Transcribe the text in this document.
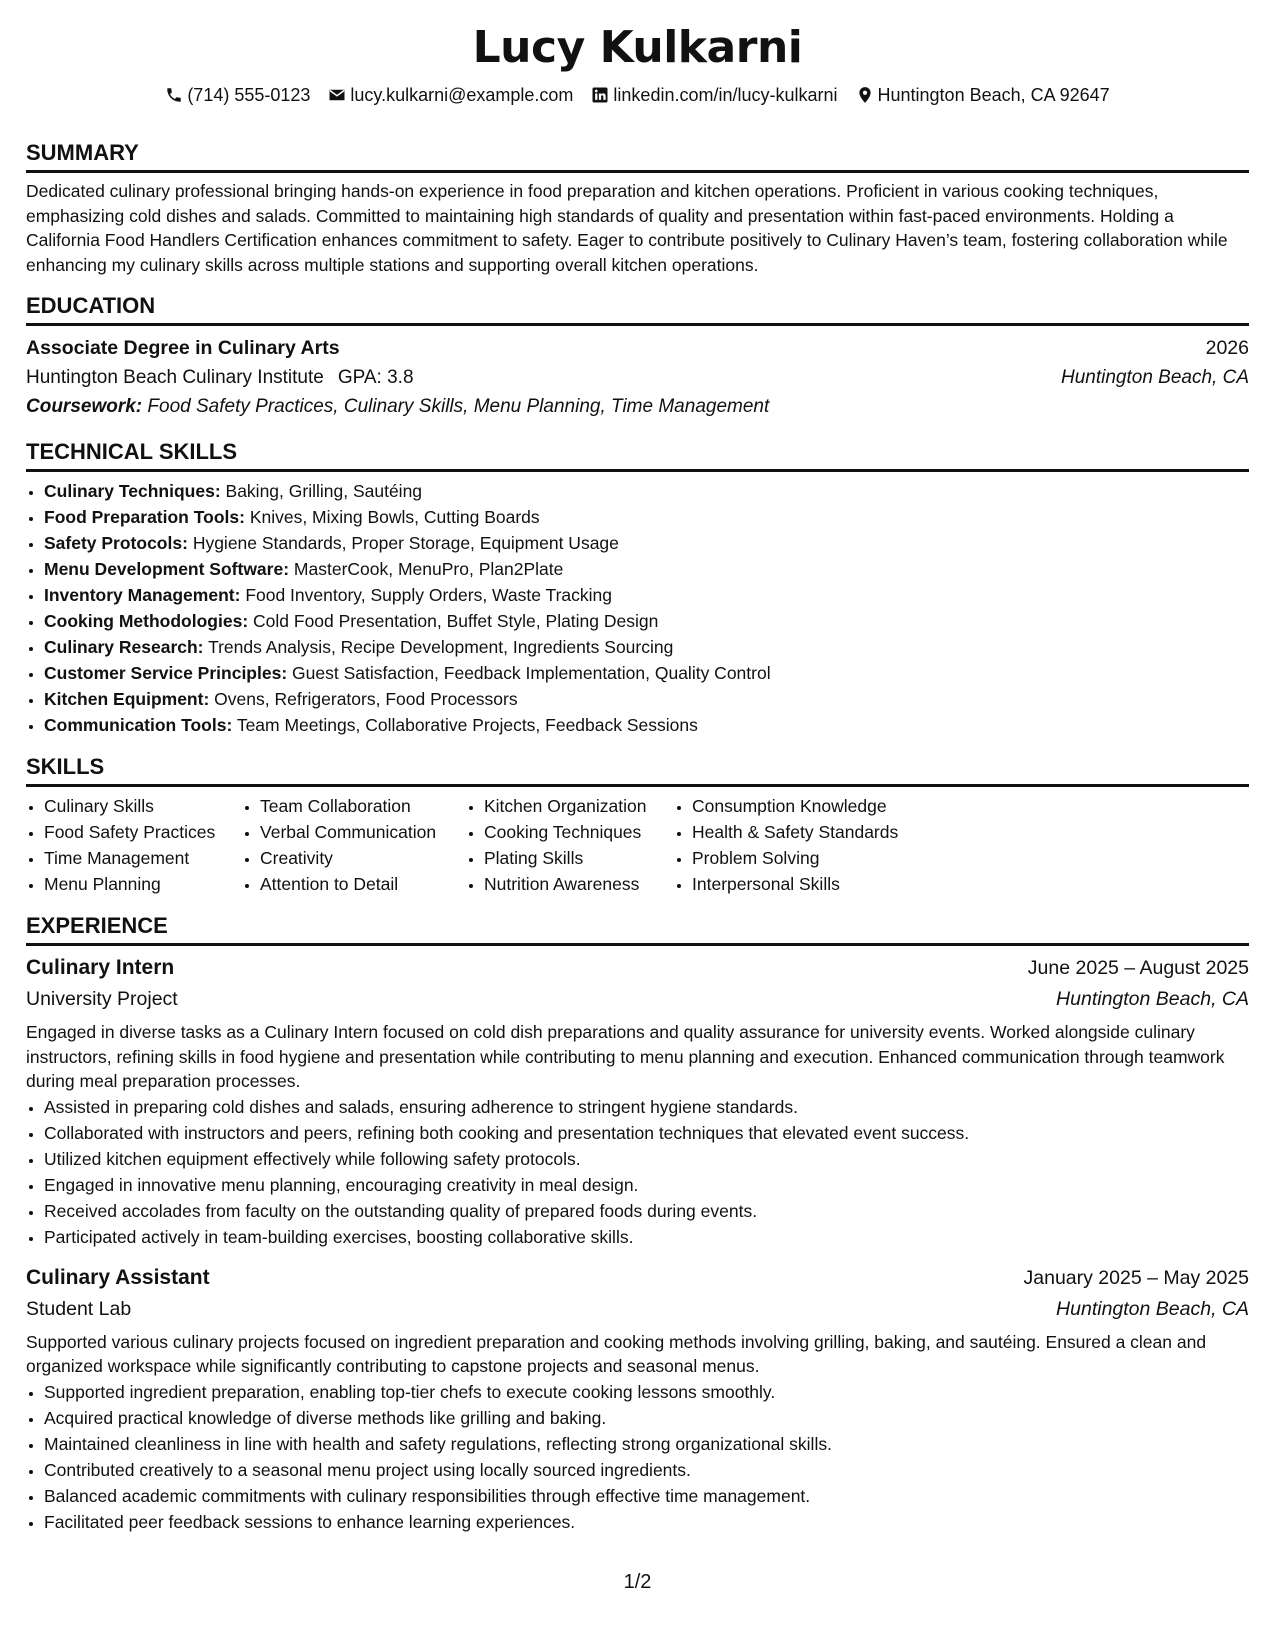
Lucy Kulkarni
(714) 555-0123 lucy.kulkarni@example.com linkedin.com/in/lucy-kulkarni Huntington Beach, CA 92647
SUMMARY
Dedicated culinary professional bringing hands-on experience in food preparation and kitchen operations. Proficient in various cooking techniques, emphasizing cold dishes and salads. Committed to maintaining high standards of quality and presentation within fast-paced environments. Holding a California Food Handlers Certification enhances commitment to safety. Eager to contribute positively to Culinary Haven’s team, fostering collaboration while enhancing my culinary skills across multiple stations and supporting overall kitchen operations.
EDUCATION
Associate Degree in Culinary Arts	2026
Huntington Beach Culinary Institute GPA: 3.8	Huntington Beach, CA
Coursework: Food Safety Practices, Culinary Skills, Menu Planning, Time Management
TECHNICAL SKILLS
• Culinary Techniques: Baking, Grilling, Sautéing
• Food Preparation Tools: Knives, Mixing Bowls, Cutting Boards
• Safety Protocols: Hygiene Standards, Proper Storage, Equipment Usage
• Menu Development Software: MasterCook, MenuPro, Plan2Plate
• Inventory Management: Food Inventory, Supply Orders, Waste Tracking
• Cooking Methodologies: Cold Food Presentation, Buffet Style, Plating Design
• Culinary Research: Trends Analysis, Recipe Development, Ingredients Sourcing
• Customer Service Principles: Guest Satisfaction, Feedback Implementation, Quality Control
• Kitchen Equipment: Ovens, Refrigerators, Food Processors
• Communication Tools: Team Meetings, Collaborative Projects, Feedback Sessions
SKILLS
• Culinary Skills
• Food Safety Practices
• Time Management
• Menu Planning
• Team Collaboration
• Verbal Communication
• Creativity
• Attention to Detail
• Kitchen Organization
• Cooking Techniques
• Plating Skills
• Nutrition Awareness
• Consumption Knowledge
• Health & Safety Standards
• Problem Solving
• Interpersonal Skills
EXPERIENCE
Culinary Intern	June 2025 – August 2025
University Project	Huntington Beach, CA
Engaged in diverse tasks as a Culinary Intern focused on cold dish preparations and quality assurance for university events. Worked alongside culinary instructors, refining skills in food hygiene and presentation while contributing to menu planning and execution. Enhanced communication through teamwork during meal preparation processes.
• Assisted in preparing cold dishes and salads, ensuring adherence to stringent hygiene standards.
• Collaborated with instructors and peers, refining both cooking and presentation techniques that elevated event success.
• Utilized kitchen equipment effectively while following safety protocols.
• Engaged in innovative menu planning, encouraging creativity in meal design.
• Received accolades from faculty on the outstanding quality of prepared foods during events.
• Participated actively in team-building exercises, boosting collaborative skills.
Culinary Assistant	January 2025 – May 2025
Student Lab	Huntington Beach, CA
Supported various culinary projects focused on ingredient preparation and cooking methods involving grilling, baking, and sautéing. Ensured a clean and organized workspace while significantly contributing to capstone projects and seasonal menus.
• Supported ingredient preparation, enabling top-tier chefs to execute cooking lessons smoothly.
• Acquired practical knowledge of diverse methods like grilling and baking.
• Maintained cleanliness in line with health and safety regulations, reflecting strong organizational skills.
• Contributed creatively to a seasonal menu project using locally sourced ingredients.
• Balanced academic commitments with culinary responsibilities through effective time management.
• Facilitated peer feedback sessions to enhance learning experiences.
1/2
